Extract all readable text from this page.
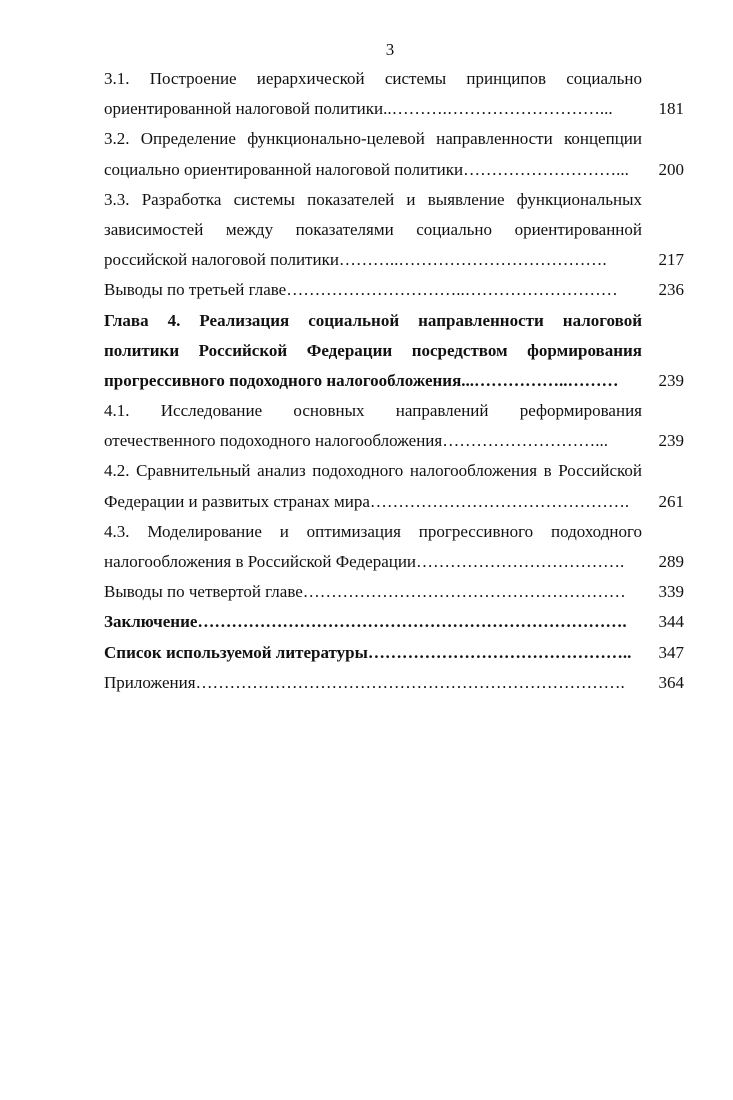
3
3.1. Построение иерархической системы принципов социально
ориентированной налоговой политики..……….………………………...	181
3.2. Определение функционально-целевой направленности концепции
социально ориентированной налоговой политики………………………...	200
3.3. Разработка системы показателей и выявление функциональных
зависимостей между показателями социально ориентированной
российской налоговой политики………..……………………………….	217
Выводы по третьей главе…………………………..………………………	236
Глава 4. Реализация социальной направленности налоговой
политики Российской Федерации посредством формирования
прогрессивного подоходного налогообложения...……………..………	239
4.1. Исследование основных направлений реформирования
отечественного подоходного налогообложения………………………...	239
4.2. Сравнительный анализ подоходного налогообложения в Российской
Федерации и развитых странах мира……………………………………….	261
4.3. Моделирование и оптимизация прогрессивного подоходного
налогообложения в Российской Федерации……………………………….	289
Выводы по четвертой главе…………………………………………………	339
Заключение………………………………………………………………….	344
Список используемой литературы………………………………………..	347
Приложения………………………………………………………………….	364
